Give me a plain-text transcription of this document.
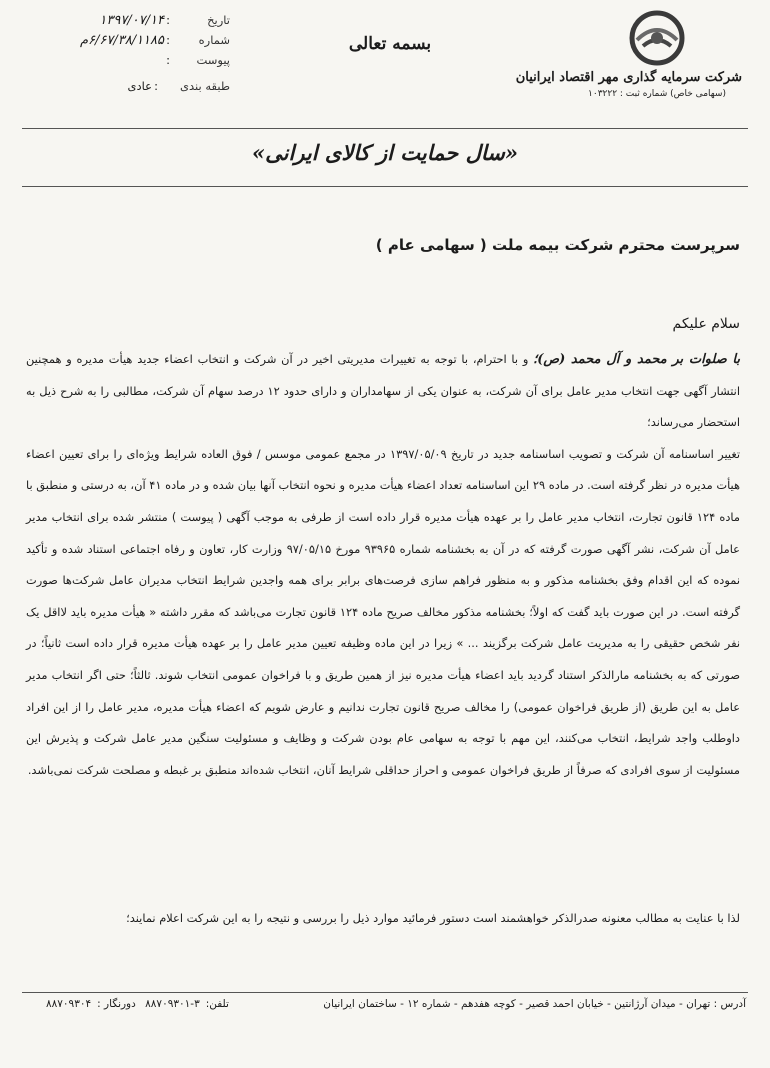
شرکت سرمایه گذاری مهر اقتصاد ایرانیان
(سهامی خاص) شماره ثبت : ۱۰۳۲۲۲
بسمه تعالی
تاریخ
:
۱۳۹۷/۰۷/۱۴
شماره
:
۶/۶۷/۳۸/۱۱۸۵م
پیوست
:
طبقه بندی
:
عادی
«سال حمایت از کالای ایرانی»
سرپرست محترم شرکت بیمه ملت ( سهامی عام )
سلام علیکم

با صلوات بر محمد و آل محمد (ص)؛ و با احترام، با توجه به تغییرات مدیریتی اخیر در آن شرکت و انتخاب اعضاء جدید هیأت مدیره و همچنین انتشار آگهی جهت انتخاب مدیر عامل برای آن شرکت، به عنوان یکی از سهامداران و دارای حدود ۱۲ درصد سهام آن شرکت، مطالبی را به شرح ذیل به استحضار می‌رساند؛

تغییر اساسنامه آن شرکت و تصویب اساسنامه جدید در تاریخ ۱۳۹۷/۰۵/۰۹ در مجمع عمومی موسس / فوق العاده شرایط ویژه‌ای را برای تعیین اعضاء هیأت مدیره در نظر گرفته است. در ماده ۲۹ این اساسنامه تعداد اعضاء هیأت مدیره و نحوه انتخاب آنها بیان شده و در ماده ۴۱ آن، به درستی و منطبق با ماده ۱۲۴ قانون تجارت، انتخاب مدیر عامل را بر عهده هیأت مدیره قرار داده است از طرفی به موجب آگهی ( پیوست ) منتشر شده برای انتخاب مدیر عامل آن شرکت، نشر آگهی صورت گرفته که در آن به بخشنامه شماره ۹۳۹۶۵ مورخ ۹۷/۰۵/۱۵ وزارت کار، تعاون و رفاه اجتماعی استناد شده و تأکید نموده که این اقدام وفق بخشنامه مذکور و به منظور فراهم سازی فرصت‌های برابر برای همه واجدین شرایط انتخاب مدیران عامل شرکت‌ها صورت گرفته است. در این صورت باید گفت که اولاً؛ بخشنامه مذکور مخالف صریح ماده ۱۲۴ قانون تجارت می‌باشد که مقرر داشته « هیأت مدیره باید لااقل یک نفر شخص حقیقی را به مدیریت عامل شرکت برگزیند ... » زیرا در این ماده وظیفه تعیین مدیر عامل را بر عهده هیأت مدیره قرار داده است ثانیاً؛ در صورتی که به بخشنامه مارالذکر استناد گردید باید اعضاء هیأت مدیره نیز از همین طریق و با فراخوان عمومی انتخاب شوند. ثالثاً؛ حتی اگر انتخاب مدیر عامل به این طریق (از طریق فراخوان عمومی) را مخالف صریح قانون تجارت ندانیم و عارض شویم که اعضاء هیأت مدیره، مدیر عامل را از این افراد داوطلب واجد شرایط، انتخاب می‌کنند، این مهم با توجه به سهامی عام بودن شرکت و وظایف و مسئولیت سنگین مدیر عامل شرکت و پذیرش این مسئولیت از سوی افرادی که صرفاً از طریق فراخوان عمومی و احراز حداقلی شرایط آنان، انتخاب شده‌اند منطبق بر غبطه و مصلحت شرکت نمی‌باشد.

لذا با عنایت به مطالب معنونه صدرالذکر خواهشمند است دستور فرمائید موارد ذیل را بررسی و نتیجه را به این شرکت اعلام نمایند؛
آدرس : تهران - میدان آرژانتین - خیابان احمد قصیر - کوچه هفدهم - شماره ۱۲ - ساختمان ایرانیان
تلفن:۳-۸۸۷۰۹۳۰۱ دورنگار :۸۸۷۰۹۳۰۴
